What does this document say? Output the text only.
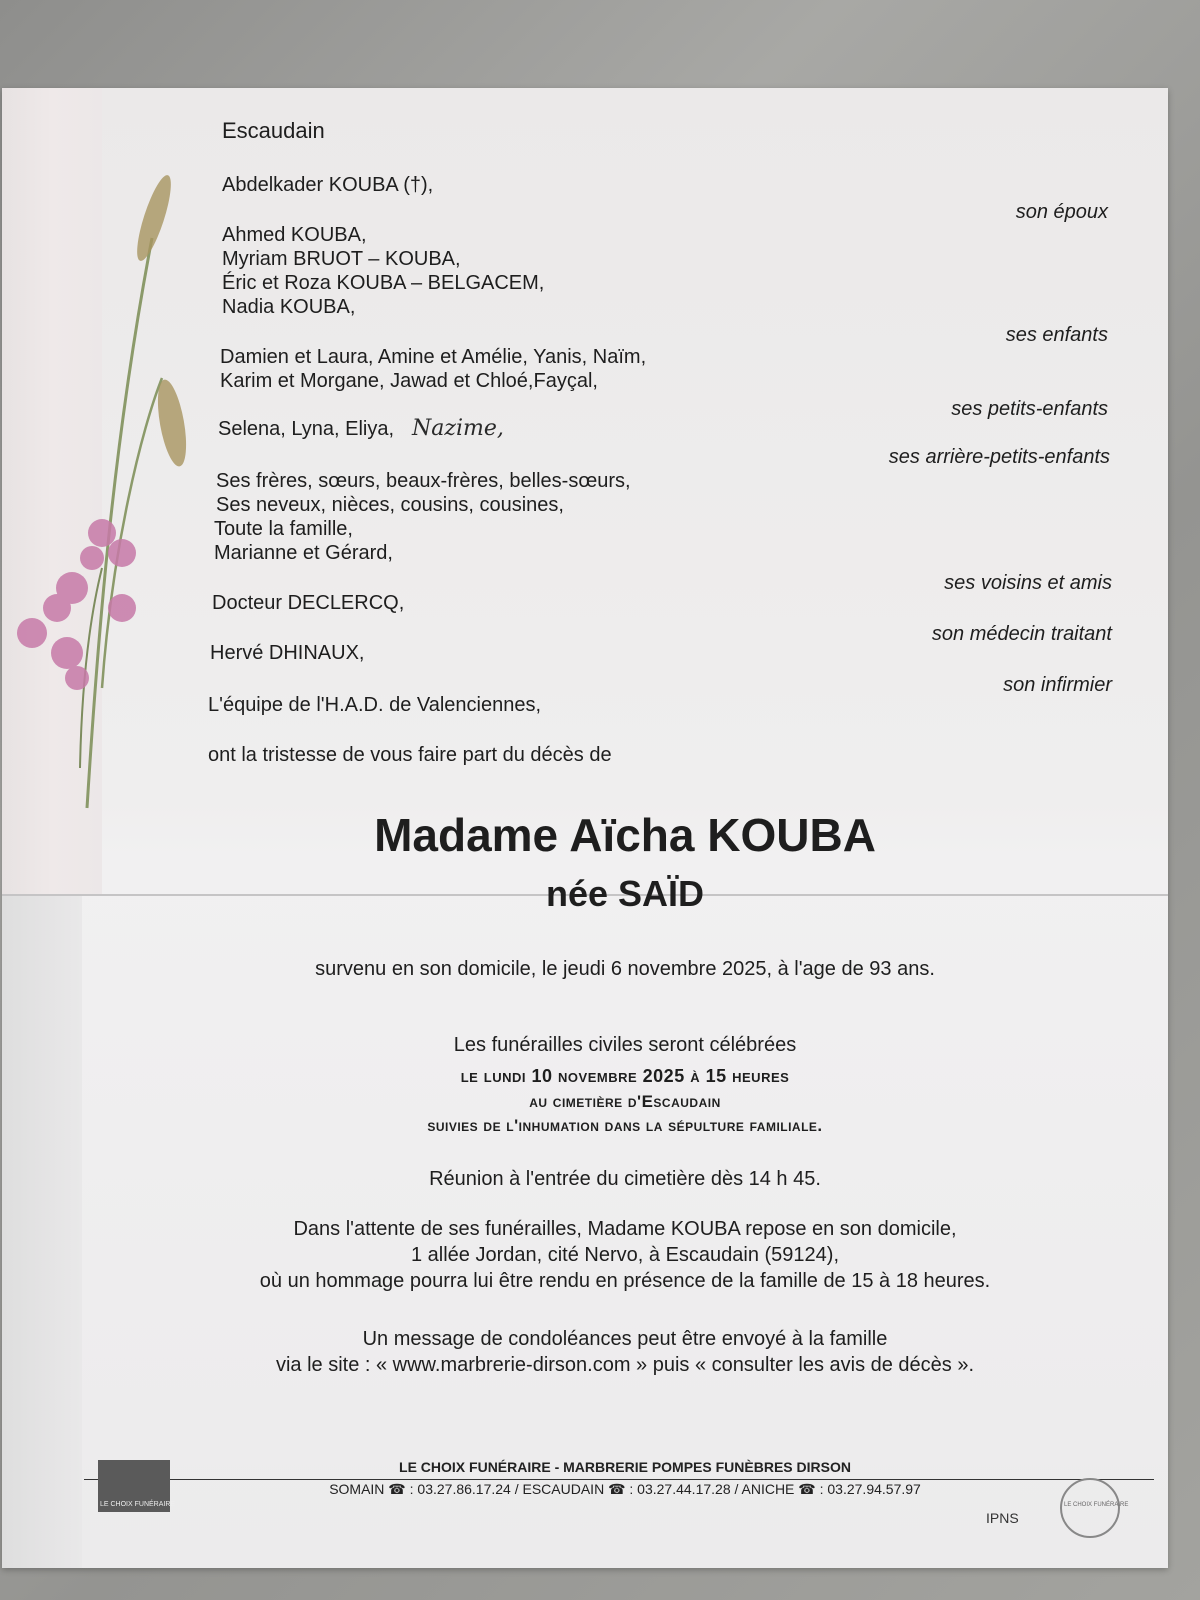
Escaudain
Abdelkader KOUBA (†),
son époux
Ahmed KOUBA,
Myriam BRUOT – KOUBA,
Éric et Roza KOUBA – BELGACEM,
Nadia KOUBA,
ses enfants
Damien et Laura, Amine et Amélie, Yanis, Naïm,
Karim et Morgane, Jawad et Chloé,Fayçal,
ses petits-enfants
Selena, Lyna, Eliya, Nazime,
ses arrière-petits-enfants
Ses frères, sœurs, beaux-frères, belles-sœurs,
Ses neveux, nièces, cousins, cousines,
Toute la famille,
Marianne et Gérard,
ses voisins et amis
Docteur DECLERCQ,
son médecin traitant
Hervé DHINAUX,
son infirmier
L'équipe de l'H.A.D. de Valenciennes,
ont la tristesse de vous faire part du décès de
Madame Aïcha KOUBA
née SAÏD
survenu en son domicile, le jeudi 6 novembre 2025, à l'age de 93 ans.
Les funérailles civiles seront célébrées
le lundi 10 novembre 2025 à 15 heures
au cimetière d'Escaudain
suivies de l'inhumation dans la sépulture familiale.
Réunion à l'entrée du cimetière dès 14 h 45.
Dans l'attente de ses funérailles, Madame KOUBA repose en son domicile,
1 allée Jordan, cité Nervo, à Escaudain (59124),
où un hommage pourra lui être rendu en présence de la famille de 15 à 18 heures.
Un message de condoléances peut être envoyé à la famille
via le site : « www.marbrerie-dirson.com » puis « consulter les avis de décès ».
LE CHOIX FUNÉRAIRE
LE CHOIX FUNÉRAIRE - MARBRERIE POMPES FUNÈBRES DIRSON
SOMAIN ☎ : 03.27.86.17.24 / ESCAUDAIN ☎ : 03.27.44.17.28 / ANICHE ☎ : 03.27.94.57.97
LE CHOIX FUNÉRAIRE
IPNS
